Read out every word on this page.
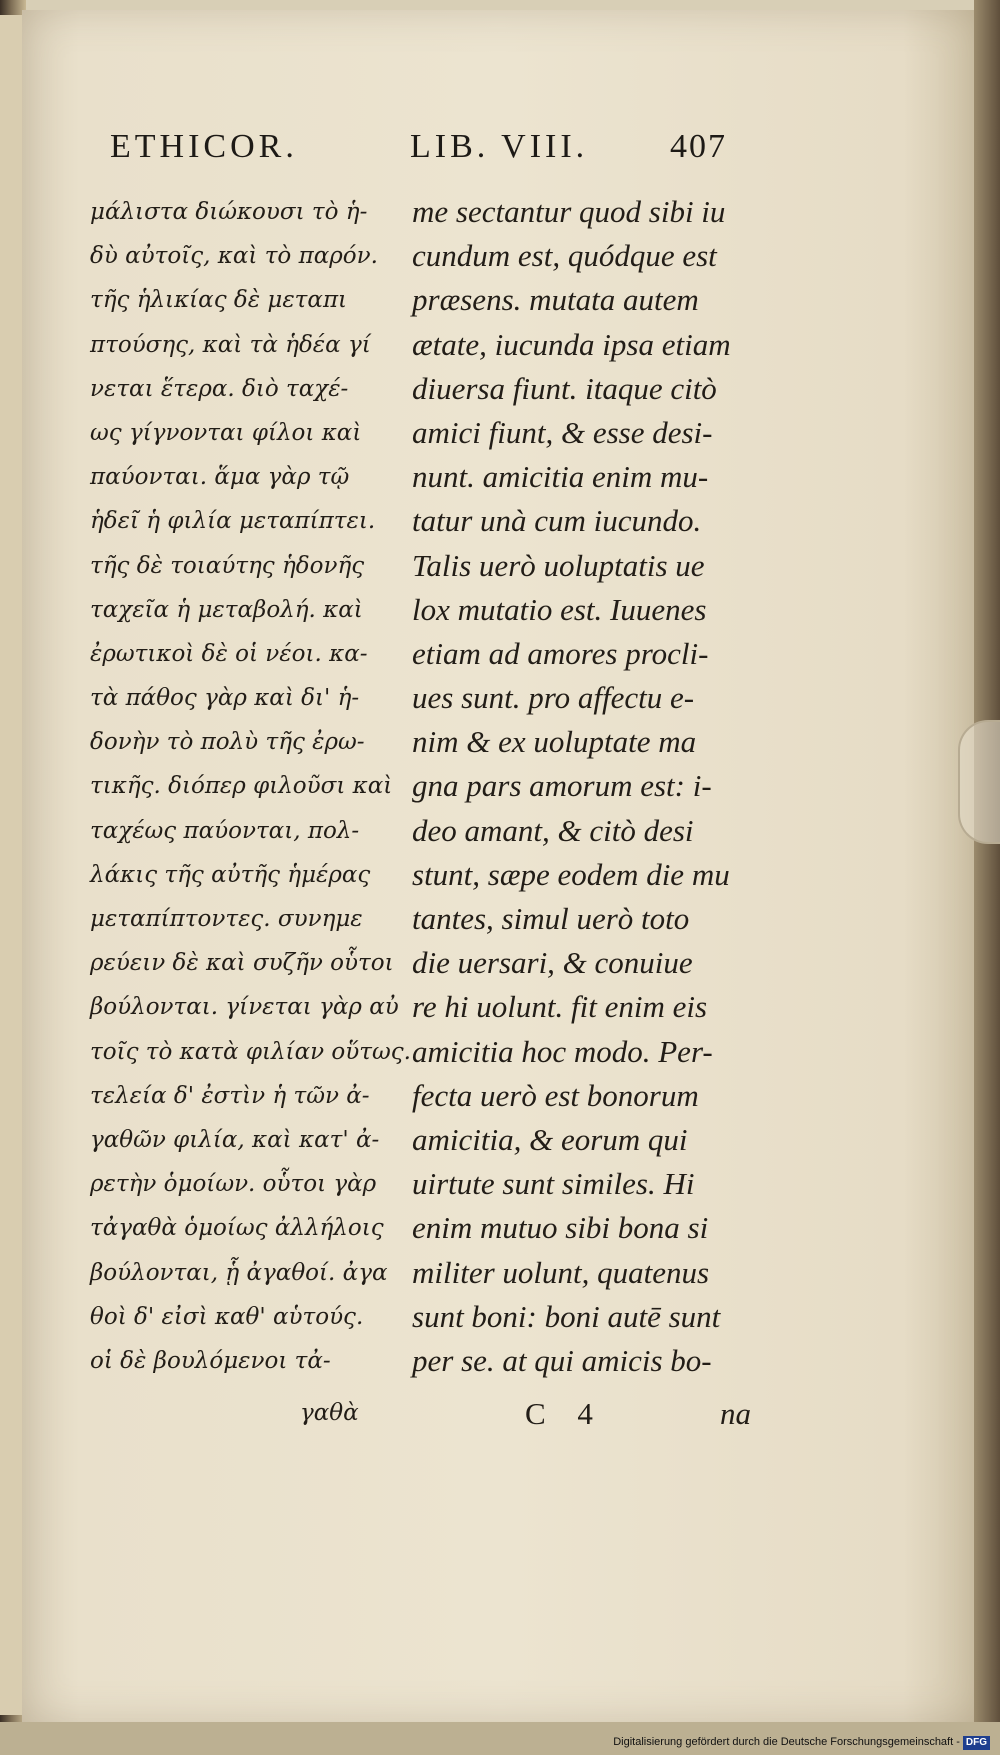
ETHICOR.	LIB. VIII. 407
μάλιστα διώκουσι τὸ ἡ-
δὺ αὐτοῖς, καὶ τὸ παρόν.
τῆς ἡλικίας δὲ μεταπι
πτούσης, καὶ τὰ ἡδέα γί
νεται ἕτερα. διὸ ταχέ-
ως γίγνονται φίλοι καὶ
παύονται. ἅμα γὰρ τῷ
ἡδεῖ ἡ φιλία μεταπίπτει.
τῆς δὲ τοιαύτης ἡδονῆς
ταχεῖα ἡ μεταβολή. καὶ
ἐρωτικοὶ δὲ οἱ νέοι. κα-
τὰ πάθος γὰρ καὶ δι' ἡ-
δονὴν τὸ πολὺ τῆς ἐρω-
τικῆς. διόπερ φιλοῦσι καὶ
ταχέως παύονται, πολ-
λάκις τῆς αὐτῆς ἡμέρας
μεταπίπτοντες. συνημε
ρεύειν δὲ καὶ συζῆν οὗτοι
βούλονται. γίνεται γὰρ αὐ
τοῖς τὸ κατὰ φιλίαν οὕτως.
τελεία δ' ἐστὶν ἡ τῶν ἀ-
γαθῶν φιλία, καὶ κατ' ἀ-
ρετὴν ὁμοίων. οὗτοι γὰρ
τἀγαθὰ ὁμοίως ἀλλήλοις
βούλονται, ᾗ ἀγαθοί. ἀγα
θοὶ δ' εἰσὶ καθ' αὑτούς.
οἱ δὲ βουλόμενοι τἀ-
me sectantur quod sibi iu
cundum est, quódque est
præsens. mutata autem
ætate, iucunda ipsa etiam
diuersa fiunt. itaque citò
amici fiunt, & esse desi-
nunt. amicitia enim mu-
tatur unà cum iucundo.
Talis uerò uoluptatis ue
lox mutatio est. Iuuenes
etiam ad amores procli-
ues sunt. pro affectu e-
nim & ex uoluptate ma
gna pars amorum est: i-
deo amant, & citò desi
stunt, sæpe eodem die mu
tantes, simul uerò toto
die uersari, & conuiue
re hi uolunt. fit enim eis
amicitia hoc modo. Per-
fecta uerò est bonorum
amicitia, & eorum qui
uirtute sunt similes. Hi
enim mutuo sibi bona si
militer uolunt, quatenus
sunt boni: boni autē sunt
per se. at qui amicis bo-
γαθὰ	C 4	na
Digitalisierung gefördert durch die Deutsche Forschungsgemeinschaft - DFG
